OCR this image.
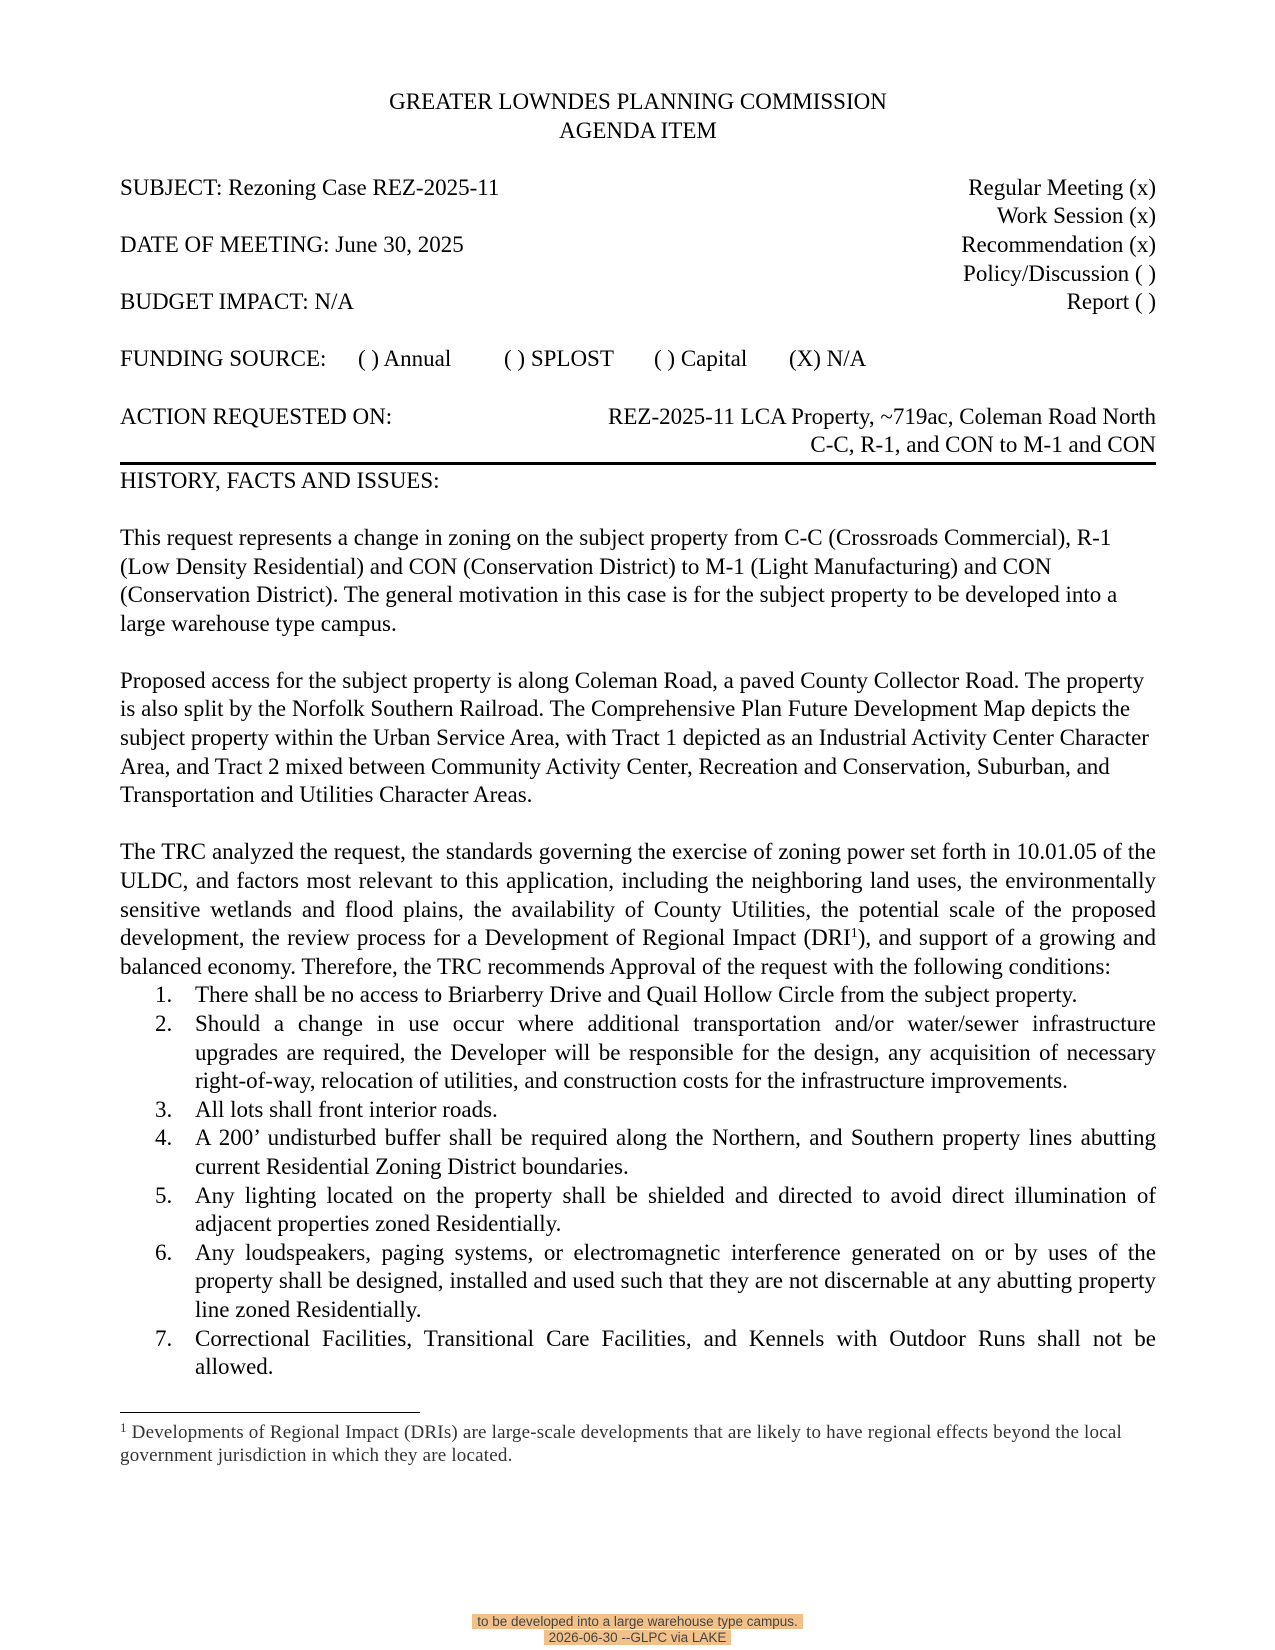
GREATER LOWNDES PLANNING COMMISSION
AGENDA ITEM
SUBJECT: Rezoning Case REZ-2025-11
DATE OF MEETING: June 30, 2025
BUDGET IMPACT: N/A
Regular Meeting (x)
Work Session (x)
Recommendation (x)
Policy/Discussion ( )
Report ( )
FUNDING SOURCE: ( ) Annual ( ) SPLOST ( ) Capital (X) N/A
ACTION REQUESTED ON:	REZ-2025-11 LCA Property, ~719ac, Coleman Road North
C-C, R-1, and CON to M-1 and CON
HISTORY, FACTS AND ISSUES:

This request represents a change in zoning on the subject property from C-C (Crossroads Commercial), R-1 (Low Density Residential) and CON (Conservation District) to M-1 (Light Manufacturing) and CON (Conservation District). The general motivation in this case is for the subject property to be developed into a large warehouse type campus.

Proposed access for the subject property is along Coleman Road, a paved County Collector Road. The property is also split by the Norfolk Southern Railroad. The Comprehensive Plan Future Development Map depicts the subject property within the Urban Service Area, with Tract 1 depicted as an Industrial Activity Center Character Area, and Tract 2 mixed between Community Activity Center, Recreation and Conservation, Suburban, and Transportation and Utilities Character Areas.

The TRC analyzed the request, the standards governing the exercise of zoning power set forth in 10.01.05 of the ULDC, and factors most relevant to this application, including the neighboring land uses, the environmentally sensitive wetlands and flood plains, the availability of County Utilities, the potential scale of the proposed development, the review process for a Development of Regional Impact (DRI$^1$), and support of a growing and balanced economy. Therefore, the TRC recommends Approval of the request with the following conditions:

1. There shall be no access to Briarberry Drive and Quail Hollow Circle from the subject property.
2. Should a change in use occur where additional transportation and/or water/sewer infrastructure upgrades are required, the Developer will be responsible for the design, any acquisition of necessary right-of-way, relocation of utilities, and construction costs for the infrastructure improvements.
3. All lots shall front interior roads.
4. A 200’ undisturbed buffer shall be required along the Northern, and Southern property lines abutting current Residential Zoning District boundaries.
5. Any lighting located on the property shall be shielded and directed to avoid direct illumination of adjacent properties zoned Residentially.
6. Any loudspeakers, paging systems, or electromagnetic interference generated on or by uses of the property shall be designed, installed and used such that they are not discernable at any abutting property line zoned Residentially.
7. Correctional Facilities, Transitional Care Facilities, and Kennels with Outdoor Runs shall not be allowed.
$^1$ Developments of Regional Impact (DRIs) are large-scale developments that are likely to have regional effects beyond the local government jurisdiction in which they are located.
to be developed into a large warehouse type campus.
2026-06-30 --GLPC via LAKE
